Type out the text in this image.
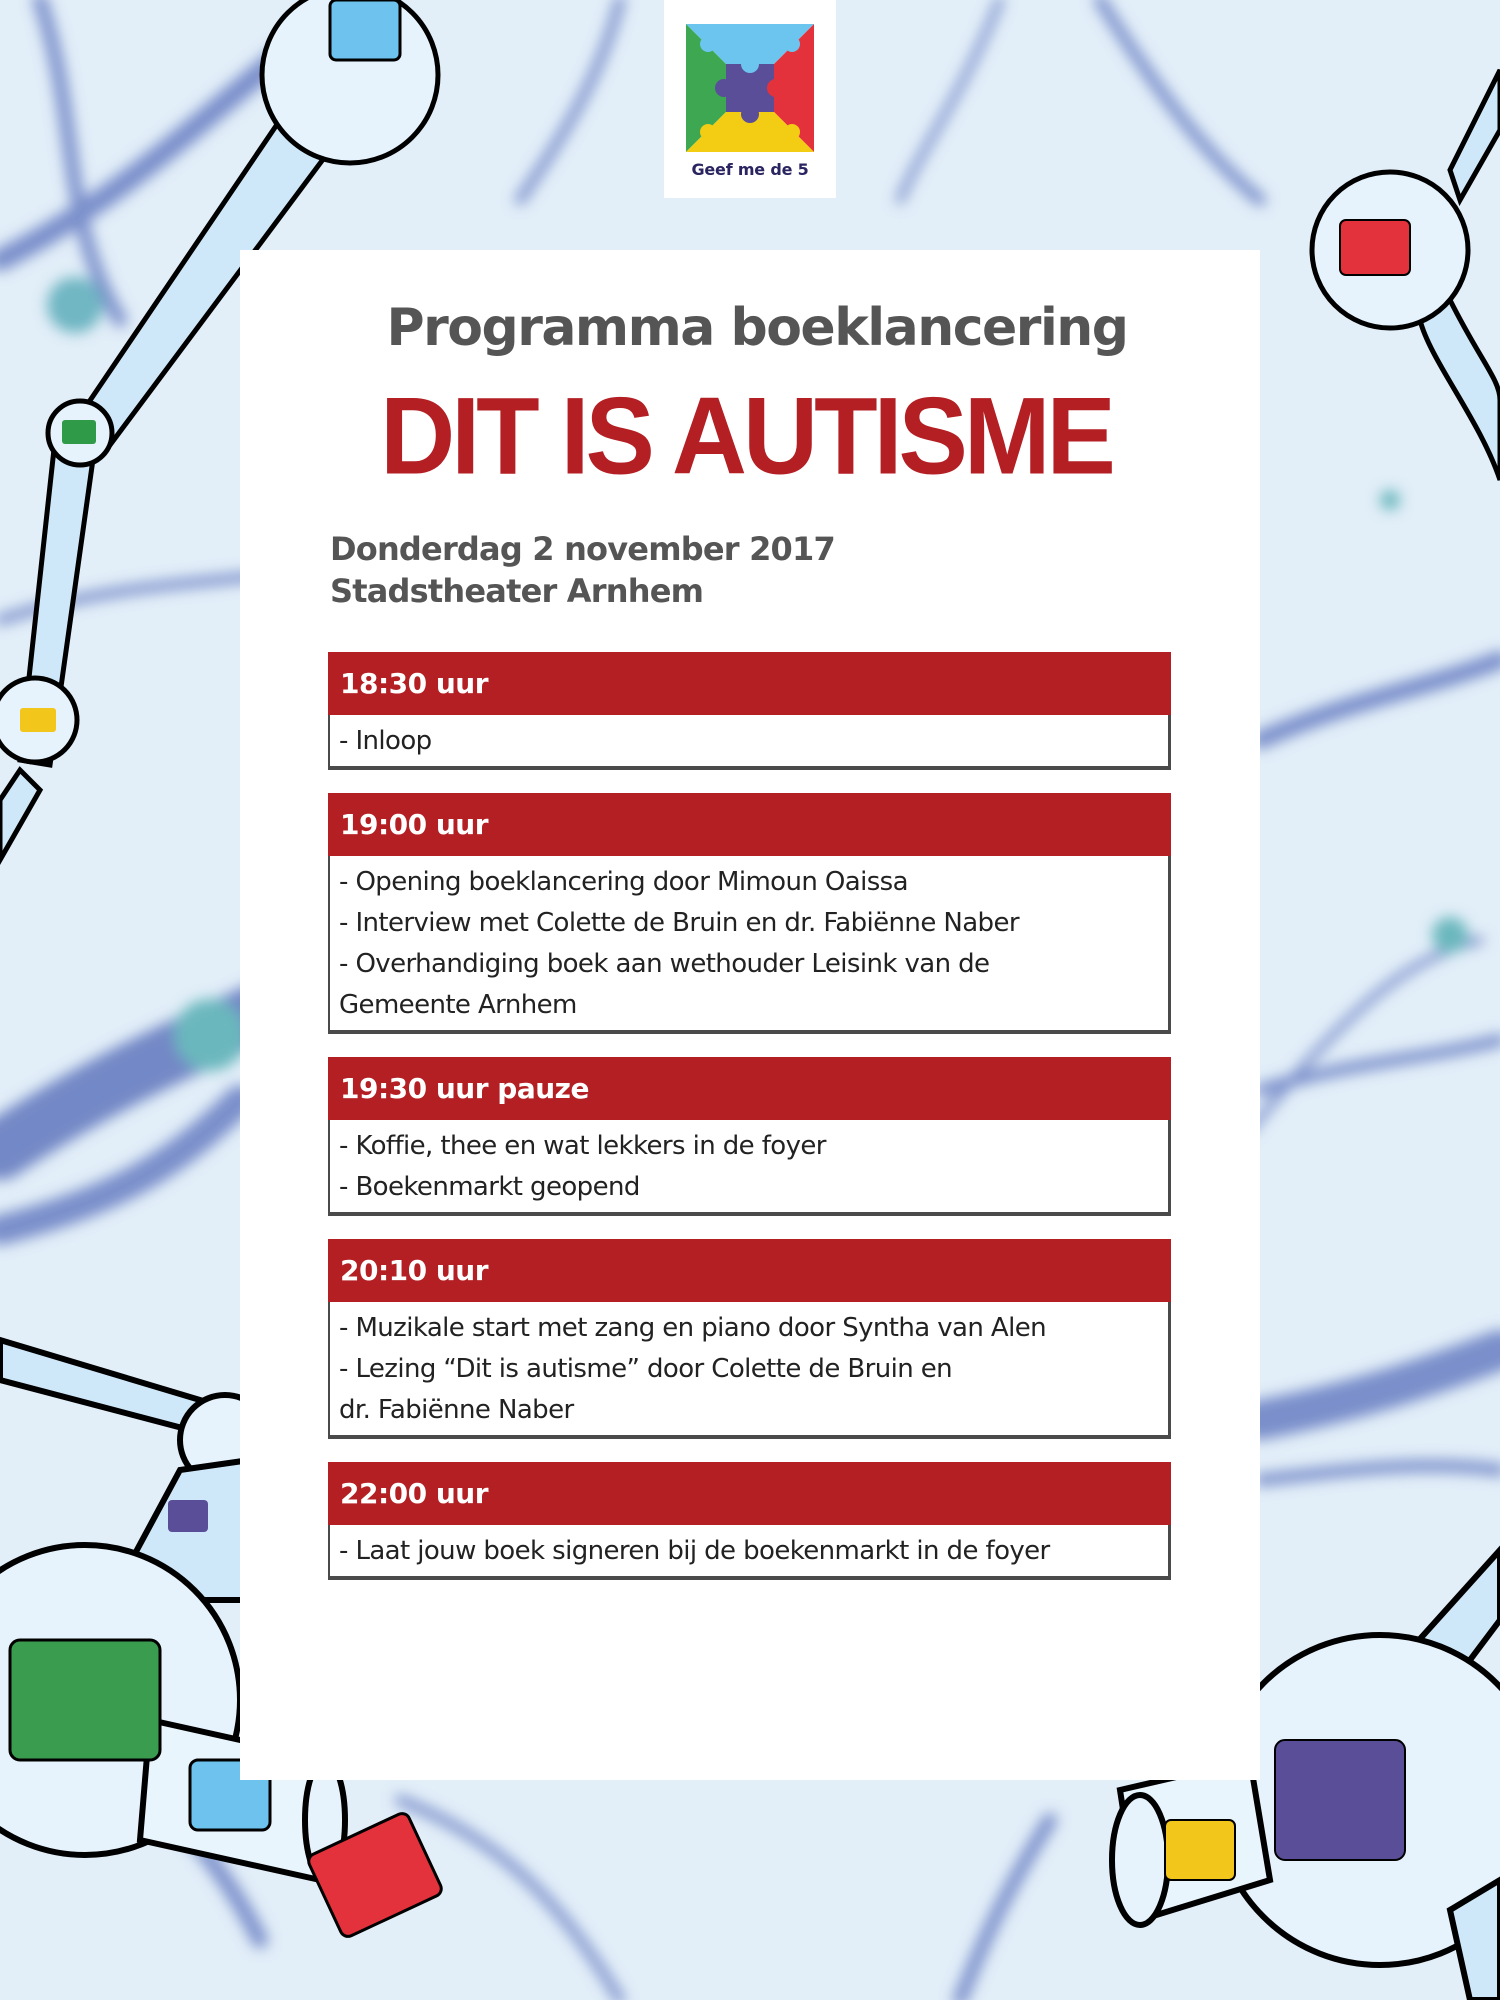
Geef me de 5
Programma boeklancering
DIT IS AUTISME
Donderdag 2 november 2017
Stadstheater Arnhem
18:30 uur
- Inloop
19:00 uur
- Opening boeklancering door Mimoun Oaissa
- Interview met Colette de Bruin en dr. Fabiënne Naber
- Overhandiging boek aan wethouder Leisink van de
Gemeente Arnhem
19:30 uur pauze
- Koffie, thee en wat lekkers in de foyer
- Boekenmarkt geopend
20:10 uur
- Muzikale start met zang en piano door Syntha van Alen
- Lezing “Dit is autisme” door Colette de Bruin en
dr. Fabiënne Naber
22:00 uur
- Laat jouw boek signeren bij de boekenmarkt in de foyer
